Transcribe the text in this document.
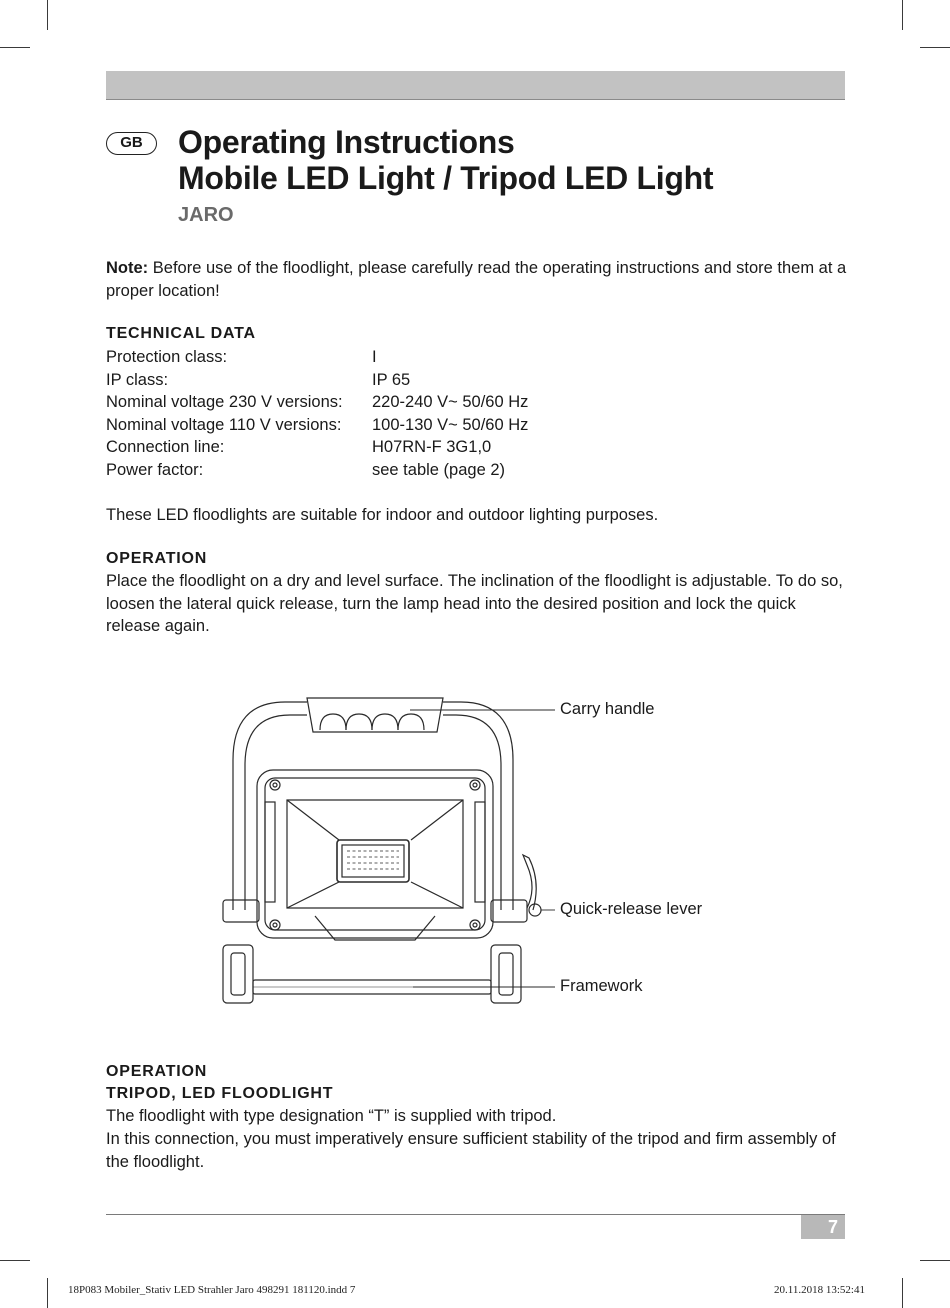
GB	Operating Instructions
Mobile LED Light / Tripod LED Light
JARO
Note: Before use of the floodlight, please carefully read the operating instructions and store them at a proper location!
TECHNICAL DATA
Protection class:	I
IP class:	IP 65
Nominal voltage 230 V versions: 220-240 V~ 50/60 Hz
Nominal voltage 110 V versions: 100-130 V~ 50/60 Hz
Connection line:	H07RN-F 3G1,0
Power factor:	see table (page 2)
These LED floodlights are suitable for indoor and outdoor lighting purposes.
OPERATION
Place the floodlight on a dry and level surface. The inclination of the floodlight is adjustable. To do so, loosen the lateral quick release, turn the lamp head into the desired position and lock the quick release again.
Carry handle
Quick-release lever
Framework
OPERATION
TRIPOD, LED FLOODLIGHT
The floodlight with type designation “T” is supplied with tripod.
In this connection, you must imperatively ensure sufficient stability of the tripod and firm assembly of the floodlight.
7
18P083 Mobiler_Stativ LED Strahler Jaro 498291 181120.indd 7	20.11.2018 13:52:41
